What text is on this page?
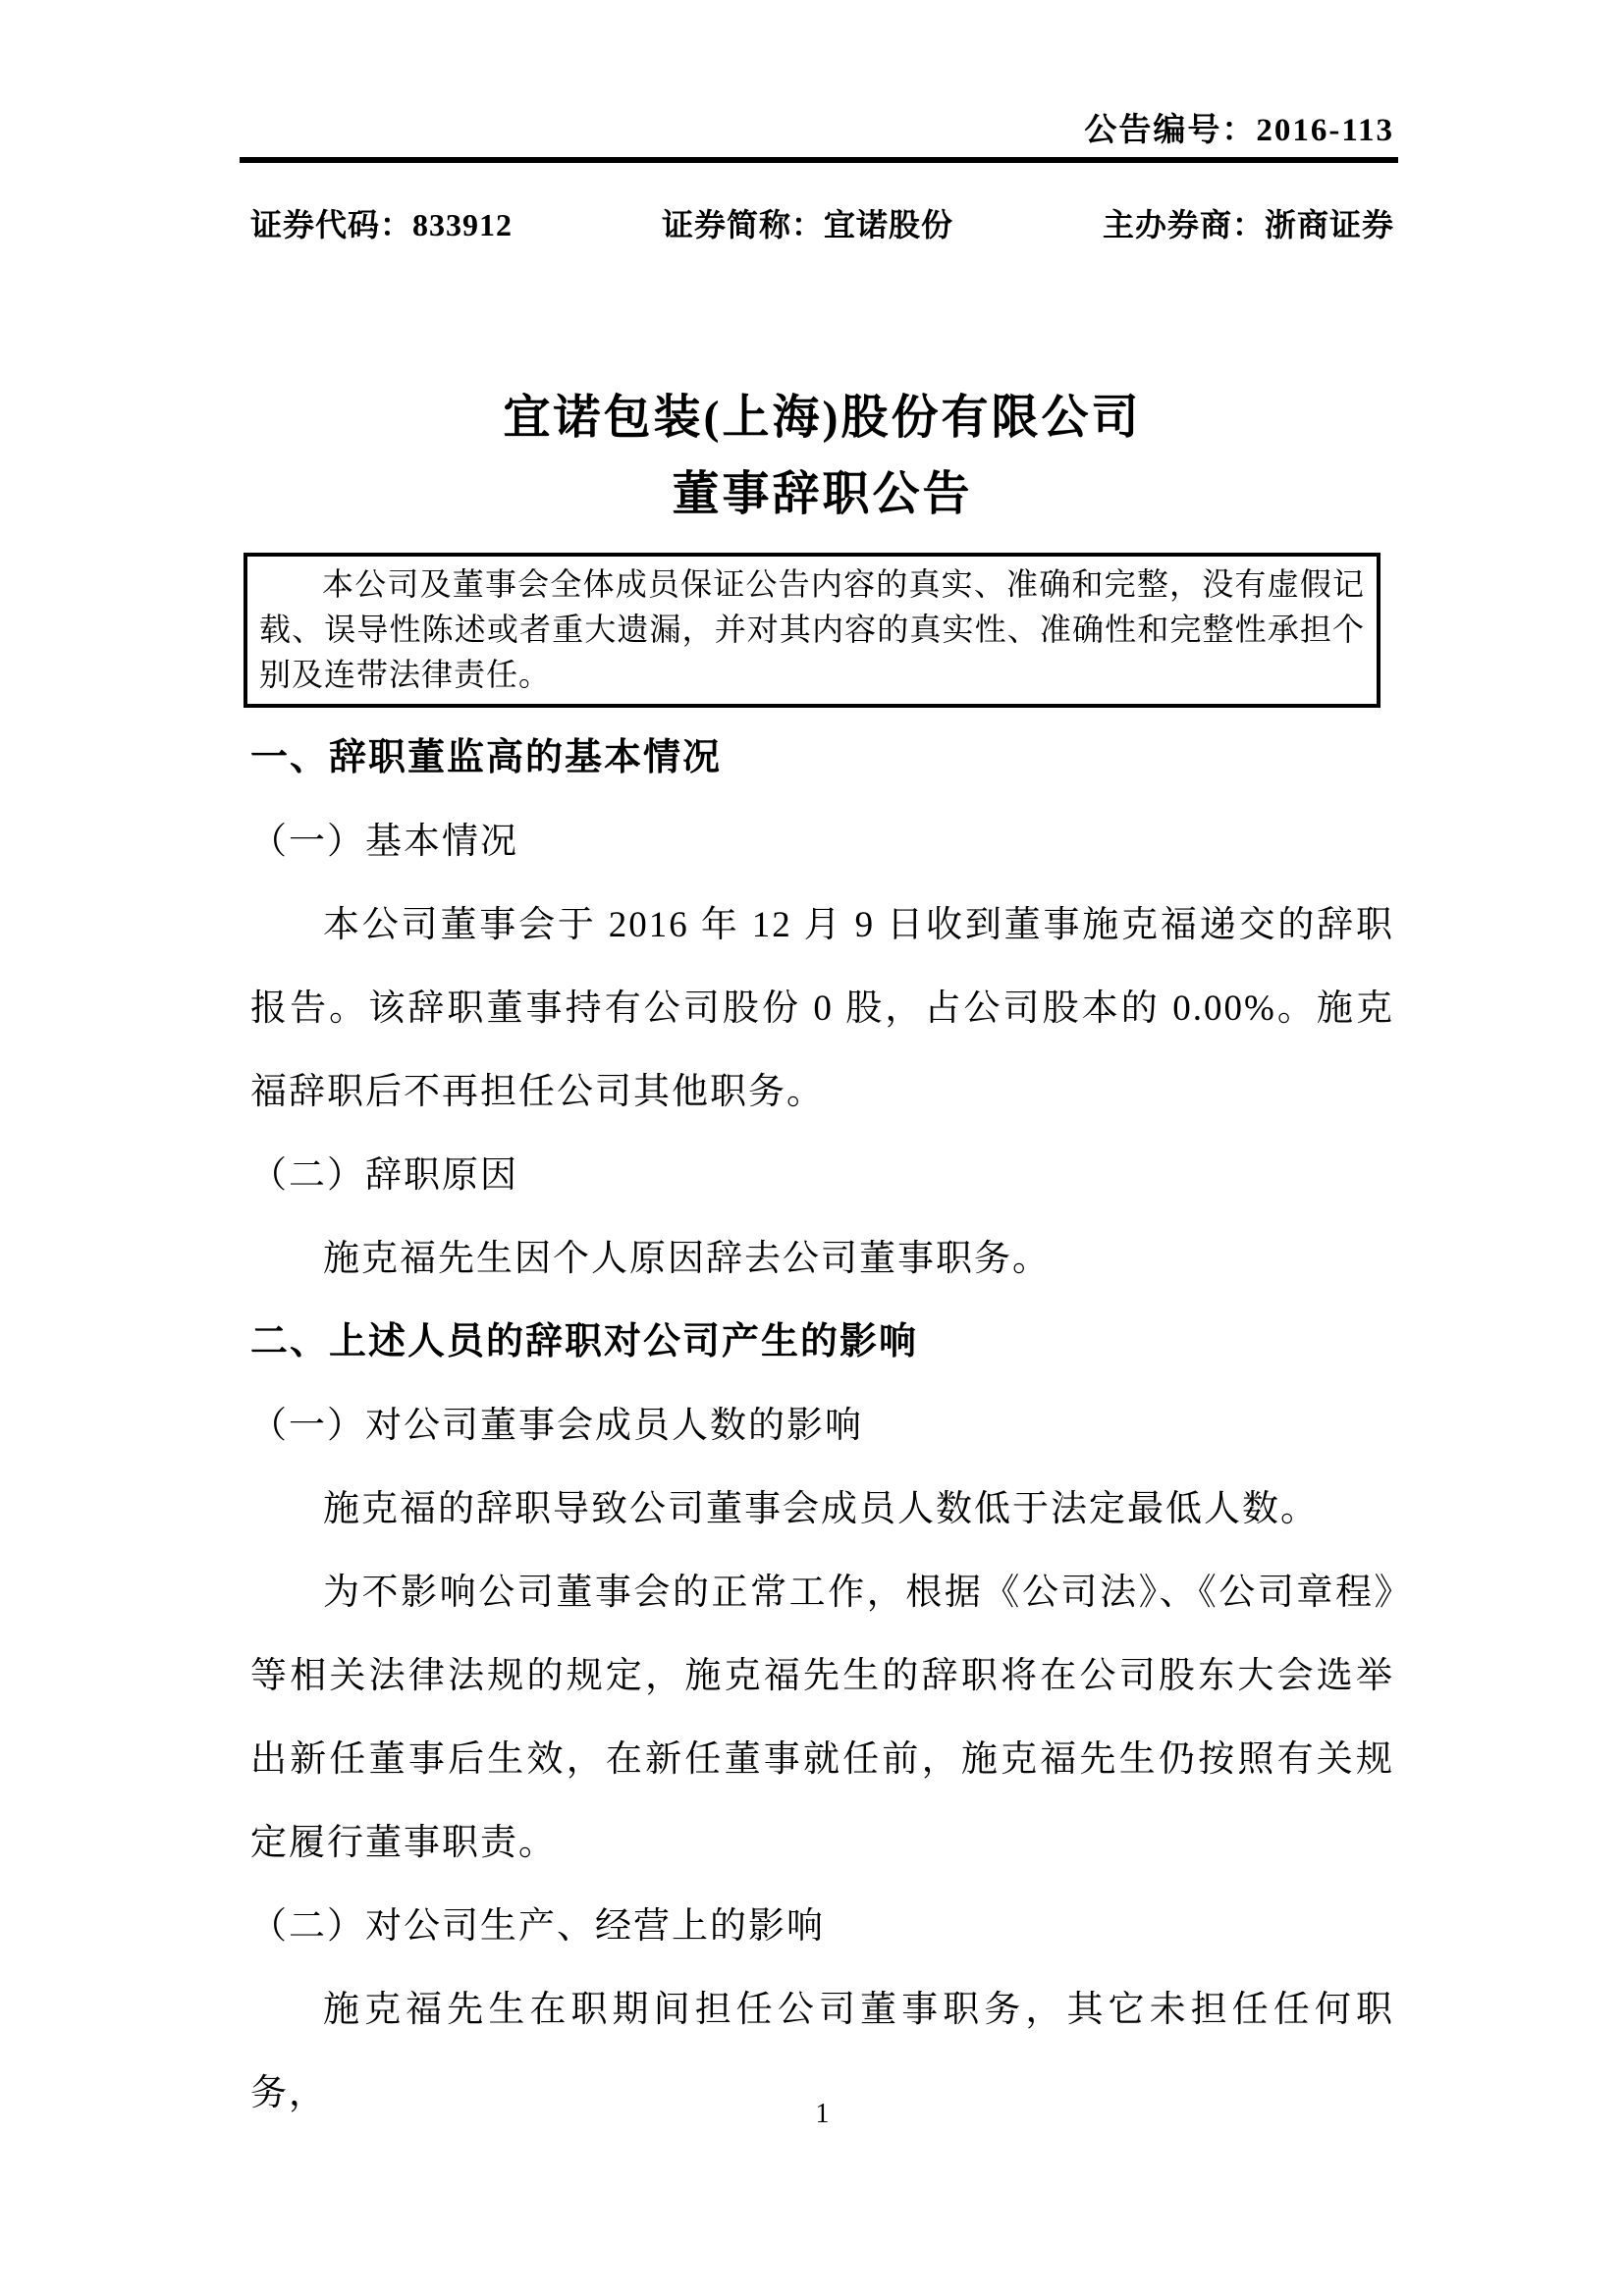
公告编号：2016-113
证券代码：833912	证券简称：宜诺股份	主办券商：浙商证券
宜诺包装(上海)股份有限公司
董事辞职公告

本公司及董事会全体成员保证公告内容的真实、准确和完整，没有虚假记载、误导性陈述或者重大遗漏，并对其内容的真实性、准确性和完整性承担个别及连带法律责任。

一、辞职董监高的基本情况
（一）基本情况
本公司董事会于 2016 年 12 月 9 日收到董事施克福递交的辞职报告。该辞职董事持有公司股份 0 股，占公司股本的 0.00%。施克福辞职后不再担任公司其他职务。
（二）辞职原因
施克福先生因个人原因辞去公司董事职务。
二、上述人员的辞职对公司产生的影响
（一）对公司董事会成员人数的影响
施克福的辞职导致公司董事会成员人数低于法定最低人数。
为不影响公司董事会的正常工作，根据《公司法》、《公司章程》等相关法律法规的规定，施克福先生的辞职将在公司股东大会选举出新任董事后生效，在新任董事就任前，施克福先生仍按照有关规定履行董事职责。
（二）对公司生产、经营上的影响
施克福先生在职期间担任公司董事职务，其它未担任任何职务，
1
